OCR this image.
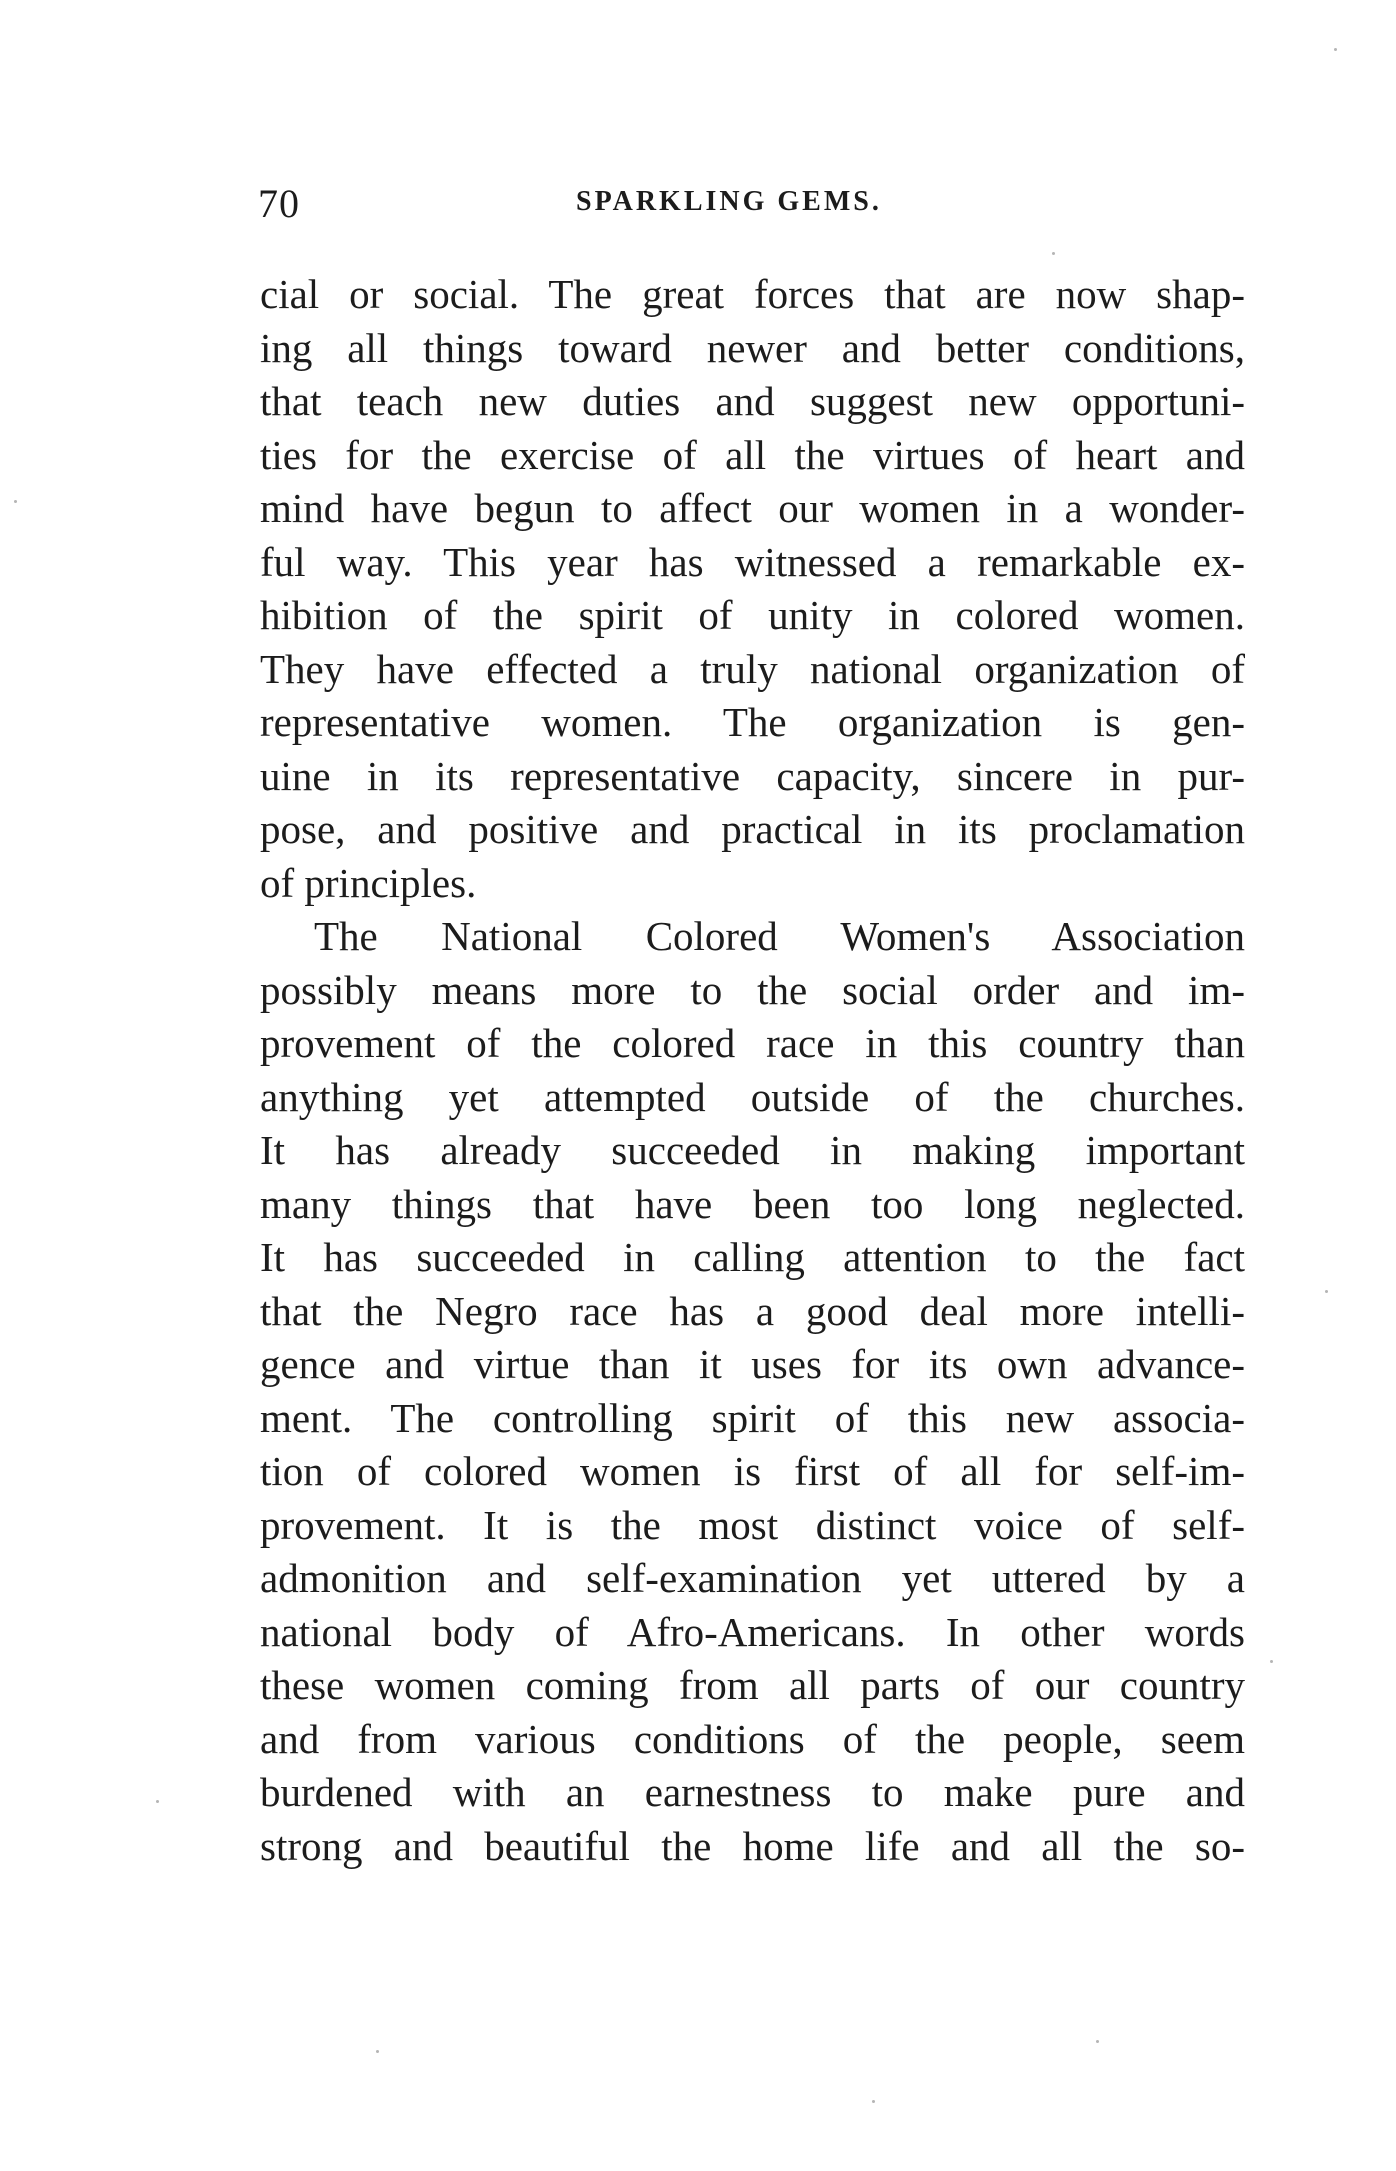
70	SPARKLING GEMS.
cial or social. The great forces that are now shap-
ing all things toward newer and better conditions,
that teach new duties and suggest new opportuni-
ties for the exercise of all the virtues of heart and
mind have begun to affect our women in a wonder-
ful way. This year has witnessed a remarkable ex-
hibition of the spirit of unity in colored women.
They have effected a truly national organization of
representative women. The organization is gen-
uine in its representative capacity, sincere in pur-
pose, and positive and practical in its proclamation
of principles.
The National Colored Women's Association
possibly means more to the social order and im-
provement of the colored race in this country than
anything yet attempted outside of the churches.
It has already succeeded in making important
many things that have been too long neglected.
It has succeeded in calling attention to the fact
that the Negro race has a good deal more intelli-
gence and virtue than it uses for its own advance-
ment. The controlling spirit of this new associa-
tion of colored women is first of all for self-im-
provement. It is the most distinct voice of self-
admonition and self-examination yet uttered by a
national body of Afro-Americans. In other words
these women coming from all parts of our country
and from various conditions of the people, seem
burdened with an earnestness to make pure and
strong and beautiful the home life and all the so-
